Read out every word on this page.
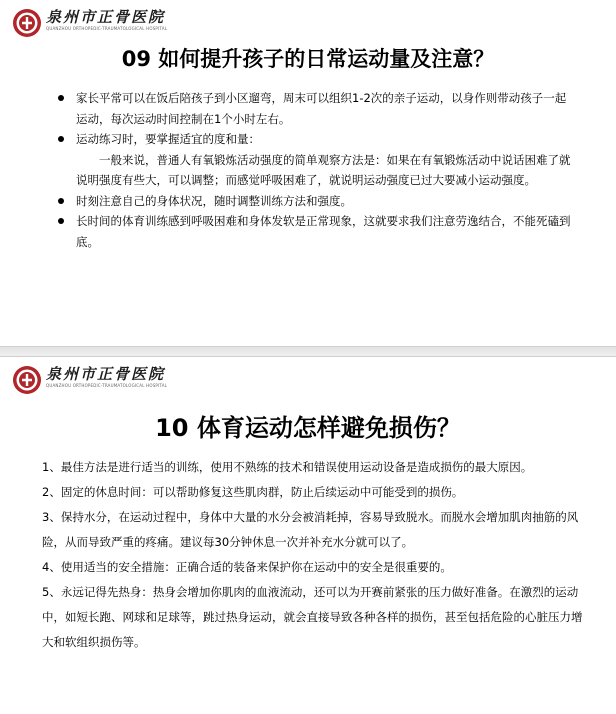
泉州市正骨医院
QUANZHOU ORTHOPEDIC-TRAUMATOLOGICAL HOSPITAL
09 如何提升孩子的日常运动量及注意？
家长平常可以在饭后陪孩子到小区遛弯，周末可以组织1-2次的亲子运动，以身作则带动孩子一起运动，每次运动时间控制在1个小时左右。
运动练习时，要掌握适宜的度和量：
一般来说，普通人有氧锻炼活动强度的简单观察方法是：如果在有氧锻炼活动中说话困难了就说明强度有些大，可以调整；而感觉呼吸困难了，就说明运动强度已过大要减小运动强度。
时刻注意自己的身体状况，随时调整训练方法和强度。
长时间的体育训练感到呼吸困难和身体发软是正常现象，这就要求我们注意劳逸结合，不能死磕到底。
泉州市正骨医院
QUANZHOU ORTHOPEDIC-TRAUMATOLOGICAL HOSPITAL
10 体育运动怎样避免损伤？
1、最佳方法是进行适当的训练，使用不熟练的技术和错误使用运动设备是造成损伤的最大原因。
2、固定的休息时间：可以帮助修复这些肌肉群，防止后续运动中可能受到的损伤。
3、保持水分，在运动过程中，身体中大量的水分会被消耗掉，容易导致脱水。而脱水会增加肌肉抽筋的风险，从而导致严重的疼痛。建议每30分钟休息一次并补充水分就可以了。
4、使用适当的安全措施：正确合适的装备来保护你在运动中的安全是很重要的。
5、永远记得先热身：热身会增加你肌肉的血液流动，还可以为开赛前紧张的压力做好准备。在激烈的运动中，如短长跑、网球和足球等，跳过热身运动，就会直接导致各种各样的损伤，甚至包括危险的心脏压力增大和软组织损伤等。
